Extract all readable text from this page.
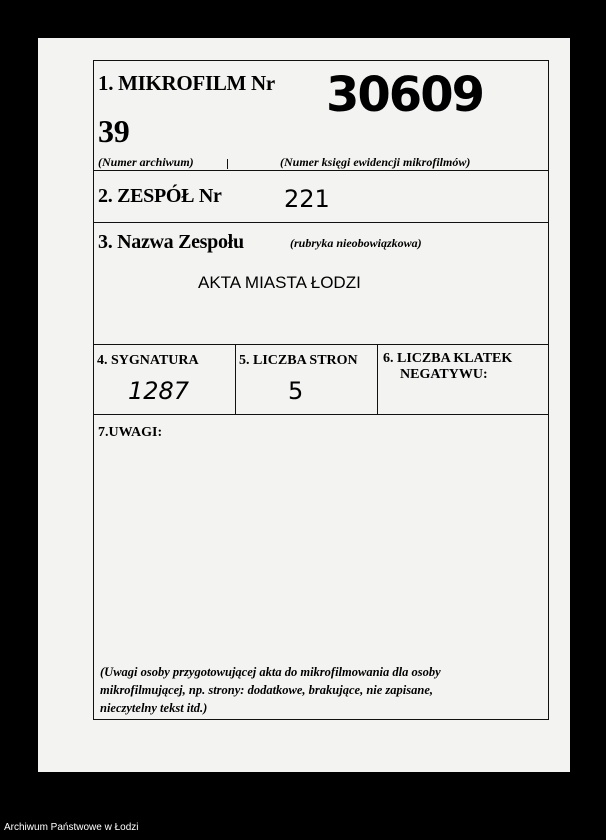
1. MIKROFILM Nr
39
30609
(Numer archiwum)	(Numer księgi ewidencji mikrofilmów)
2. ZESPÓŁ Nr	221
3. Nazwa Zespołu	(rubryka nieobowiązkowa)
AKTA MIASTA ŁODZI
4. SYGNATURA
1287
5. LICZBA STRON
5
6. LICZBA KLATEK
NEGATYWU:
7.UWAGI:
(Uwagi osoby przygotowującej akta do mikrofilmowania dla osoby
mikrofilmującej, np. strony: dodatkowe, brakujące, nie zapisane,
nieczytelny tekst itd.)
Archiwum Państwowe w Łodzi
